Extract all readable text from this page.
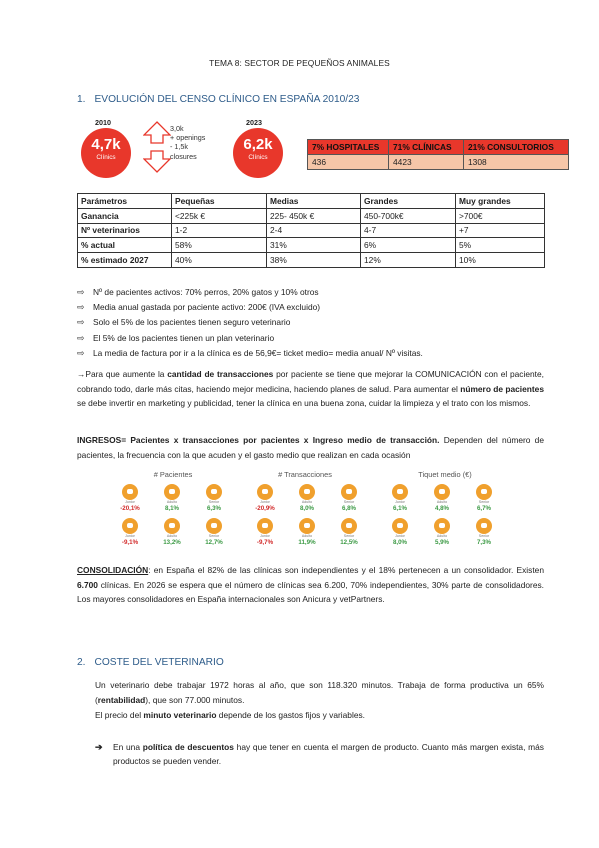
TEMA 8: SECTOR DE PEQUEÑOS ANIMALES
1. EVOLUCIÓN DEL CENSO CLÍNICO EN ESPAÑA 2010/23
2010
4,7k
Clínics
3,0k
+ openings
- 1,5k
closures
2023
6,2k
Clínics
7% HOSPITALES	71% CLÍNICAS	21% CONSULTORIOS
436	4423	1308
Parámetros	Pequeñas	Medias	Grandes	Muy grandes
Ganancia	<225k €	225- 450k €	450-700k€	>700€
Nº veterinarios	1-2	2-4	4-7	+7
% actual	58%	31%	6%	5%
% estimado 2027	40%	38%	12%	10%
⇨ Nº de pacientes activos: 70% perros, 20% gatos y 10% otros
⇨ Media anual gastada por paciente activo: 200€ (IVA excluido)
⇨ Solo el 5% de los pacientes tienen seguro veterinario
⇨ El 5% de los pacientes tienen un plan veterinario
⇨ La media de factura por ir a la clínica es de 56,9€= ticket medio= media anual/ Nº visitas.

→Para que aumente la cantidad de transacciones por paciente se tiene que mejorar la COMUNICACIÓN con el paciente, cobrando todo, darle más citas, haciendo mejor medicina, haciendo planes de salud. Para aumentar el número de pacientes se debe invertir en marketing y publicidad, tener la clínica en una buena zona, cuidar la limpieza y el trato con los mismos.

INGRESOS= Pacientes x transacciones por pacientes x Ingreso medio de transacción. Dependen del número de pacientes, la frecuencia con la que acuden y el gasto medio que realizan en cada ocasión

# Pacientes	# Transacciones	Tiquet medio (€)
Junior
-20,1%
Adulto
8,1%
Senior
6,3%
Junior
-20,9%
Adulto
8,0%
Senior
6,8%
Junior
6,1%
Adulto
4,8%
Senior
6,7%
Junior
-9,1%
Adulto
13,2%
Senior
12,7%
Junior
-9,7%
Adulto
11,9%
Senior
12,5%
Junior
8,0%
Adulto
5,9%
Senior
7,3%
CONSOLIDACIÓN: en España el 82% de las clínicas son independientes y el 18% pertenecen a un consolidador. Existen 6.700 clínicas. En 2026 se espera que el número de clínicas sea 6.200, 70% independientes, 30% parte de consolidadores. Los mayores consolidadores en España internacionales son Anicura y vetPartners.
2. COSTE DEL VETERINARIO

Un veterinario debe trabajar 1972 horas al año, que son 118.320 minutos. Trabaja de forma productiva un 65% (rentabilidad), que son 77.000 minutos.

El precio del minuto veterinario depende de los gastos fijos y variables.

➔ En una política de descuentos hay que tener en cuenta el margen de producto. Cuanto más margen exista, más productos se pueden vender.
